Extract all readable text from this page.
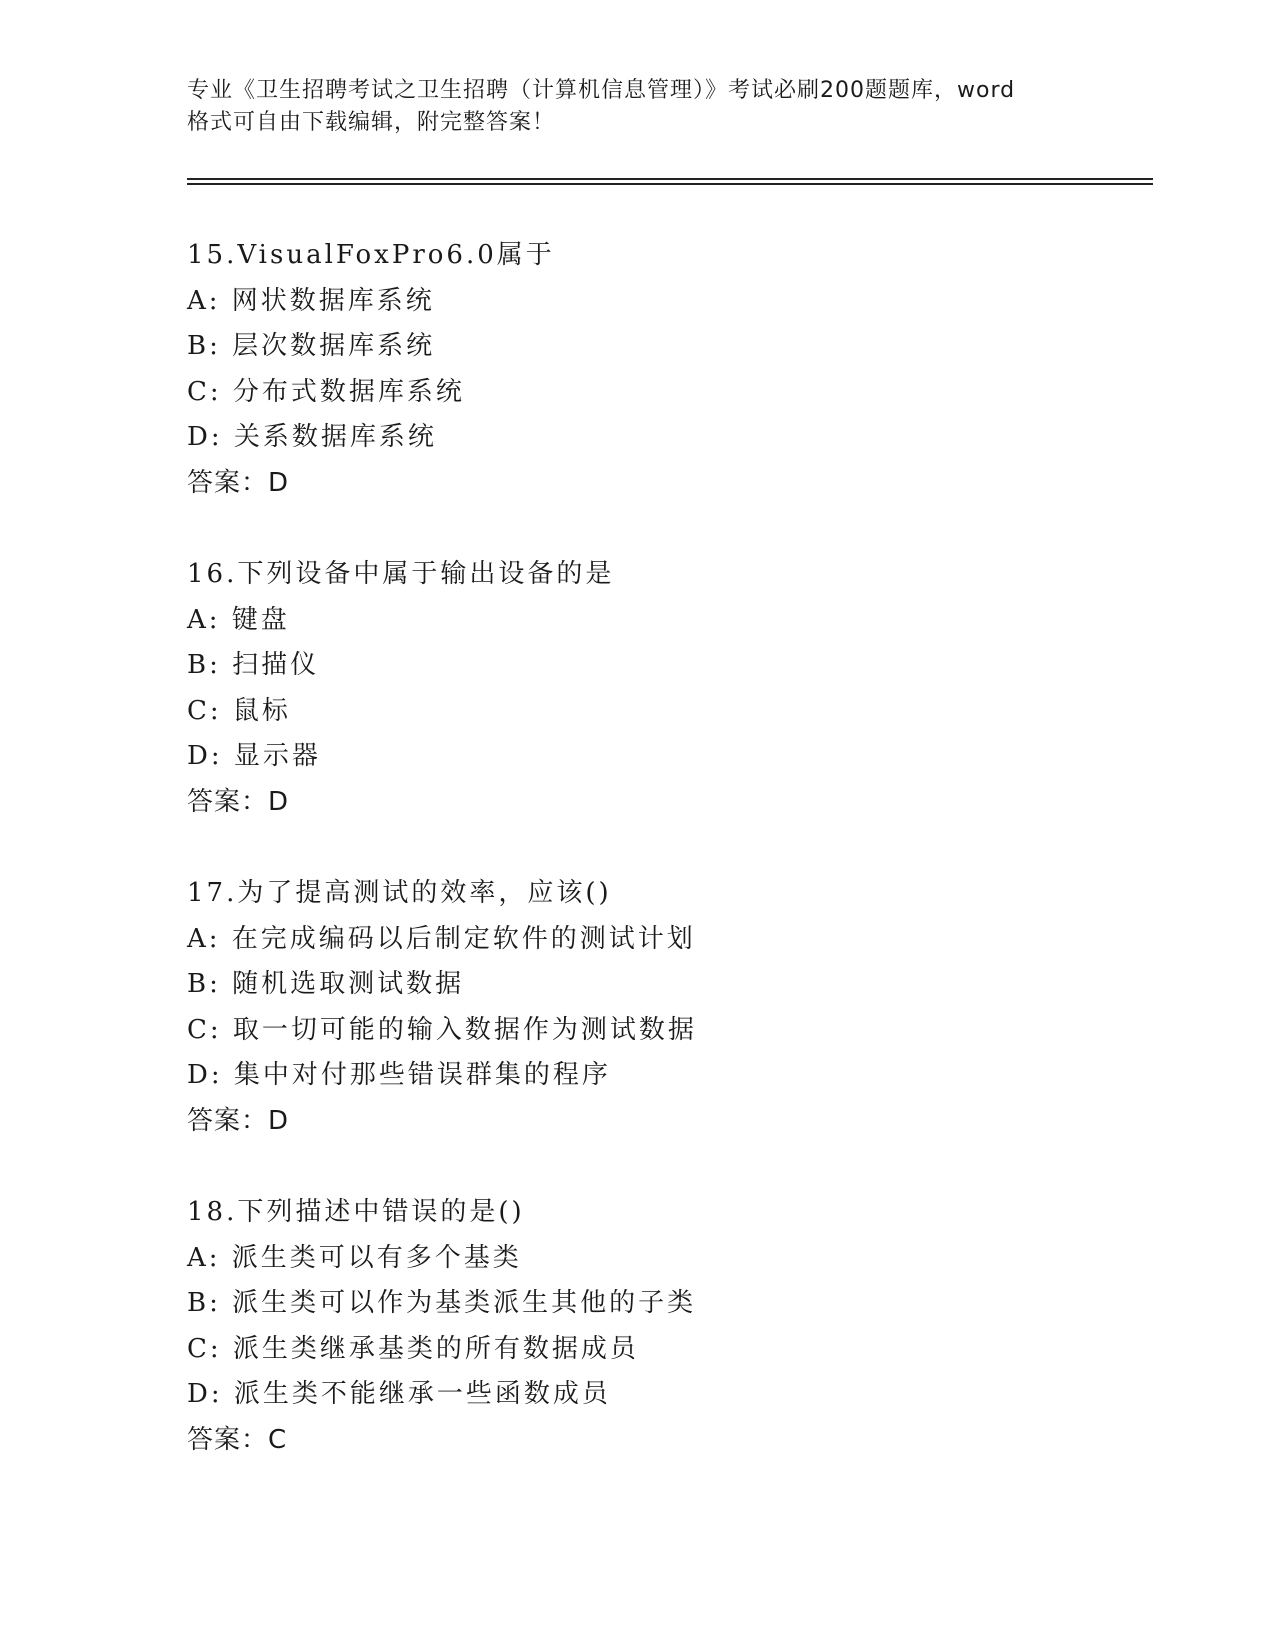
专业《卫生招聘考试之卫生招聘（计算机信息管理）》考试必刷200题题库，word
格式可自由下载编辑，附完整答案！
15.VisualFoxPro6.0属于
A: 网状数据库系统
B: 层次数据库系统
C: 分布式数据库系统
D: 关系数据库系统
答案：D
16.下列设备中属于输出设备的是
A: 键盘
B: 扫描仪
C: 鼠标
D: 显示器
答案：D
17.为了提高测试的效率，应该()
A: 在完成编码以后制定软件的测试计划
B: 随机选取测试数据
C: 取一切可能的输入数据作为测试数据
D: 集中对付那些错误群集的程序
答案：D
18.下列描述中错误的是()
A: 派生类可以有多个基类
B: 派生类可以作为基类派生其他的子类
C: 派生类继承基类的所有数据成员
D: 派生类不能继承一些函数成员
答案：C
